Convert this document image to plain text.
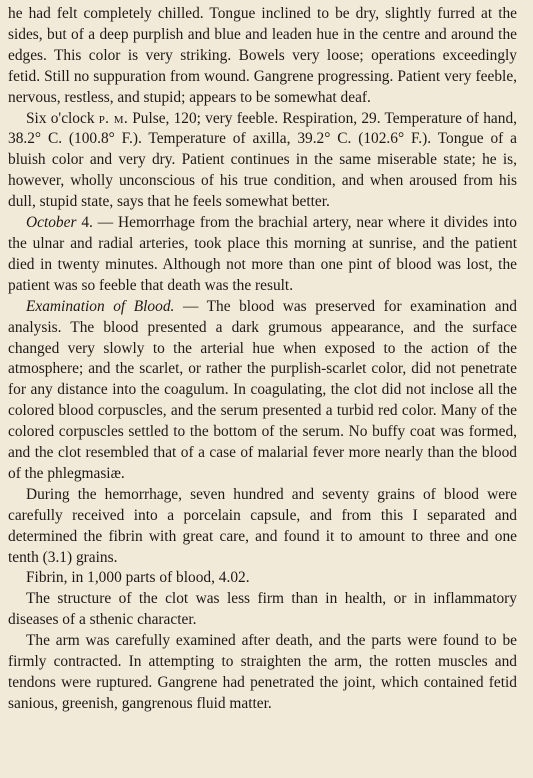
he had felt completely chilled. Tongue inclined to be dry, slightly furred at the sides, but of a deep purplish and blue and leaden hue in the centre and around the edges. This color is very striking. Bowels very loose; operations exceedingly fetid. Still no suppuration from wound. Gangrene progressing. Patient very feeble, nervous, restless, and stupid; appears to be somewhat deaf.

Six o'clock p. m. Pulse, 120; very feeble. Respiration, 29. Temperature of hand, 38.2° C. (100.8° F.). Temperature of axilla, 39.2° C. (102.6° F.). Tongue of a bluish color and very dry. Patient continues in the same miserable state; he is, however, wholly unconscious of his true condition, and when aroused from his dull, stupid state, says that he feels somewhat better.

October 4. — Hemorrhage from the brachial artery, near where it divides into the ulnar and radial arteries, took place this morning at sunrise, and the patient died in twenty minutes. Although not more than one pint of blood was lost, the patient was so feeble that death was the result.

Examination of Blood. — The blood was preserved for examination and analysis. The blood presented a dark grumous appearance, and the surface changed very slowly to the arterial hue when exposed to the action of the atmosphere; and the scarlet, or rather the purplish-scarlet color, did not penetrate for any distance into the coagulum. In coagulating, the clot did not inclose all the colored blood corpuscles, and the serum presented a turbid red color. Many of the colored corpuscles settled to the bottom of the serum. No buffy coat was formed, and the clot resembled that of a case of malarial fever more nearly than the blood of the phlegmasiæ.

During the hemorrhage, seven hundred and seventy grains of blood were carefully received into a porcelain capsule, and from this I separated and determined the fibrin with great care, and found it to amount to three and one tenth (3.1) grains.

Fibrin, in 1,000 parts of blood, 4.02.

The structure of the clot was less firm than in health, or in inflammatory diseases of a sthenic character.

The arm was carefully examined after death, and the parts were found to be firmly contracted. In attempting to straighten the arm, the rotten muscles and tendons were ruptured. Gangrene had penetrated the joint, which contained fetid sanious, greenish, gangrenous fluid matter.
